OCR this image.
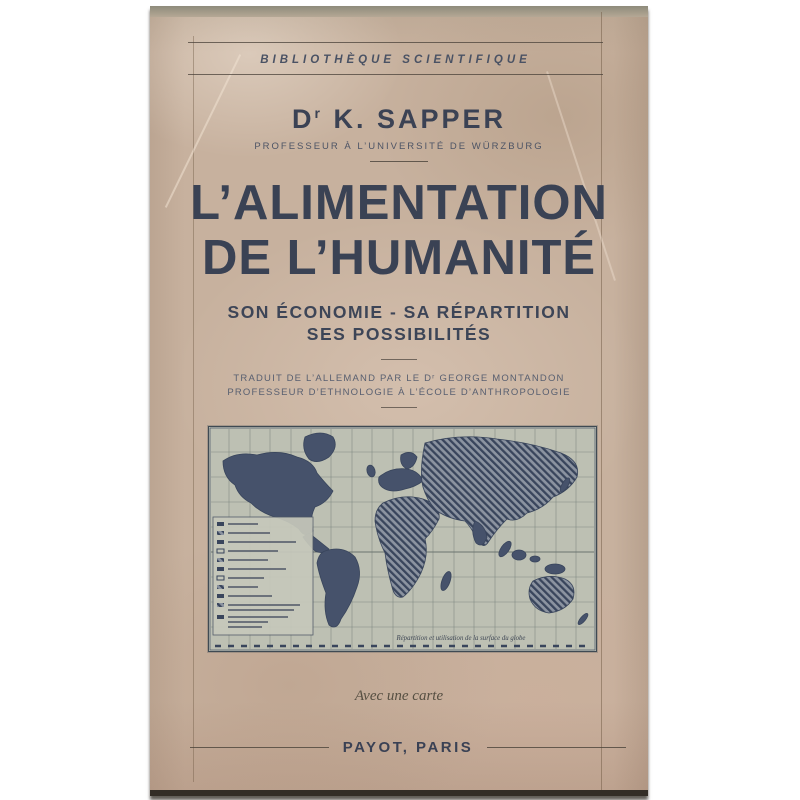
BIBLIOTHÈQUE SCIENTIFIQUE
$D^r$ K. SAPPER
PROFESSEUR À L’UNIVERSITÉ DE WÜRZBURG
L’ALIMENTATION
DE L’HUMANITÉ
SON ÉCONOMIE - SA RÉPARTITION
SES POSSIBILITÉS
TRADUIT DE L’ALLEMAND PAR LE Dʳ GEORGE MONTANDON
PROFESSEUR D’ETHNOLOGIE À L’ÉCOLE D’ANTHROPOLOGIE
Répartition et utilisation de la surface du globe
Avec une carte
PAYOT, PARIS
